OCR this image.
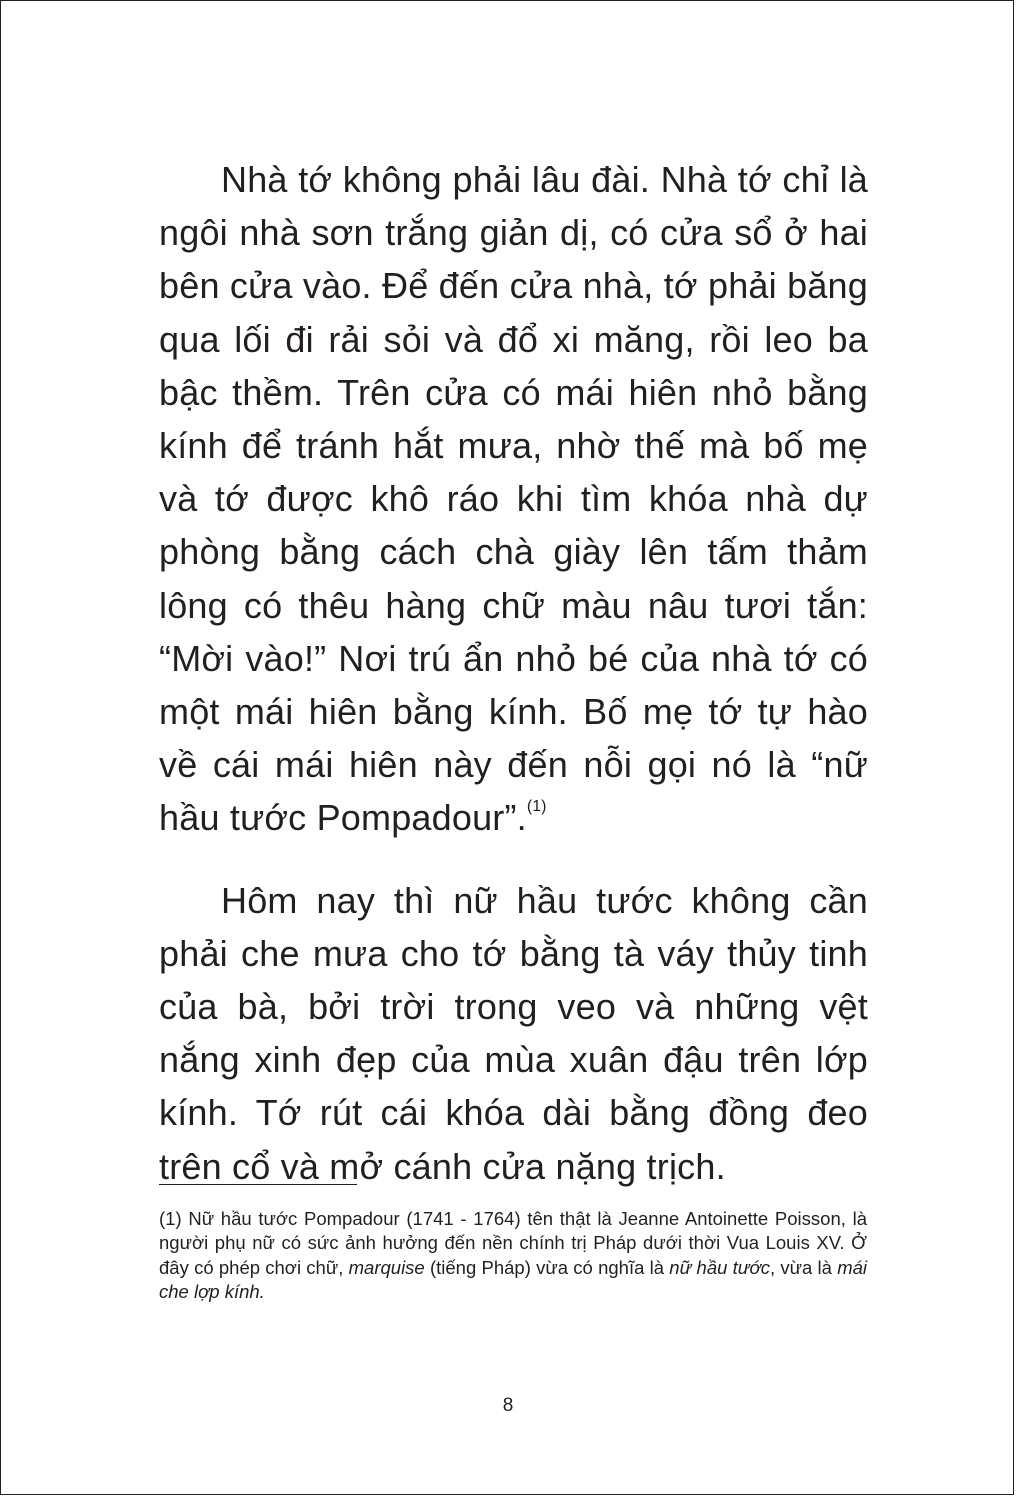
Nhà tớ không phải lâu đài. Nhà tớ chỉ là ngôi nhà sơn trắng giản dị, có cửa sổ ở hai bên cửa vào. Để đến cửa nhà, tớ phải băng qua lối đi rải sỏi và đổ xi măng, rồi leo ba bậc thềm. Trên cửa có mái hiên nhỏ bằng kính để tránh hắt mưa, nhờ thế mà bố mẹ và tớ được khô ráo khi tìm khóa nhà dự phòng bằng cách chà giày lên tấm thảm lông có thêu hàng chữ màu nâu tươi tắn: “Mời vào!” Nơi trú ẩn nhỏ bé của nhà tớ có một mái hiên bằng kính. Bố mẹ tớ tự hào về cái mái hiên này đến nỗi gọi nó là “nữ hầu tước Pompadour”.$^{(1)}$

Hôm nay thì nữ hầu tước không cần phải che mưa cho tớ bằng tà váy thủy tinh của bà, bởi trời trong veo và những vệt nắng xinh đẹp của mùa xuân đậu trên lớp kính. Tớ rút cái khóa dài bằng đồng đeo trên cổ và mở cánh cửa nặng trịch.

(1) Nữ hầu tước Pompadour (1741 - 1764) tên thật là Jeanne Antoinette Poisson, là người phụ nữ có sức ảnh hưởng đến nền chính trị Pháp dưới thời Vua Louis XV. Ở đây có phép chơi chữ, marquise (tiếng Pháp) vừa có nghĩa là nữ hầu tước, vừa là mái che lợp kính.

8
